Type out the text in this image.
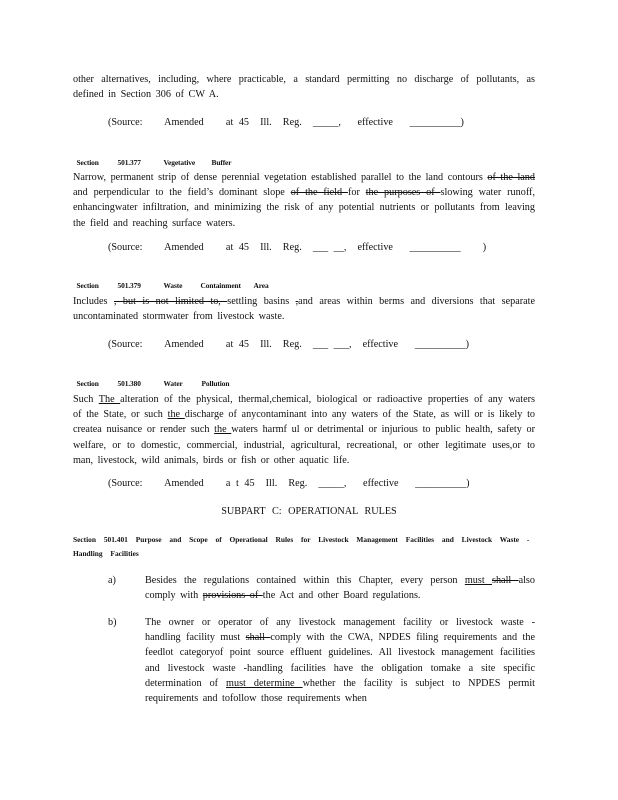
other alternatives, including, where practicable, a standard permitting no discharge of pollutants, as defined in Section 306 of CW A.

(Source:    Amended    at 45  Ill.  Reg.  _____,   effective   __________)

Section	501.377	Vegetative Buffer

Narrow, permanent strip of dense perennial vegetation established parallel to the land contours of the land and perpendicular to the field’s dominant slope of the field for the purposes of slowing water runoff, enhancingwater infiltration, and minimizing the risk of any potential nutrients or pollutants from leaving the field and reaching surface waters.

(Source:    Amended    at 45  Ill.  Reg.  ___ __,  effective   __________    )

Section	501.379	Waste Containment Area

Includes , but is not limited to, settling basins ,and areas within berms and diversions that separate uncontaminated stormwater from livestock waste.

(Source:    Amended    at 45  Ill.  Reg.  ___ ___,  effective   __________)

Section	501.380	Water	Pollution

Such The alteration of the physical, thermal,chemical, biological or radioactive properties of any waters of the State, or such the discharge of anycontaminant into any waters of the State, as will or is likely to createa nuisance or render such the waters harmf ul or detrimental or injurious to public health, safety or welfare, or to domestic, commercial, industrial, agricultural, recreational, or other legitimate uses,or to man, livestock, wild animals, birds or fish or other aquatic life.

(Source:    Amended    a t 45  Ill.  Reg.  _____,   effective   __________)

SUBPART C: OPERATIONAL RULES

Section 501.401 Purpose and Scope of Operational Rules for Livestock Management Facilities and Livestock Waste -Handling Facilities

a)	Besides the regulations contained within this Chapter, every person must shall also comply with provisions of the Act and other Board regulations.

b)	The owner or operator of any livestock management facility or livestock waste - handling facility must shall comply with the CWA, NPDES filing requirements and the feedlot categoryof point source effluent guidelines. All livestock management facilities and livestock waste -handling facilities have the obligation tomake a site specific determination of must determine whether the facility is subject to NPDES permit requirements and tofollow those requirements when
